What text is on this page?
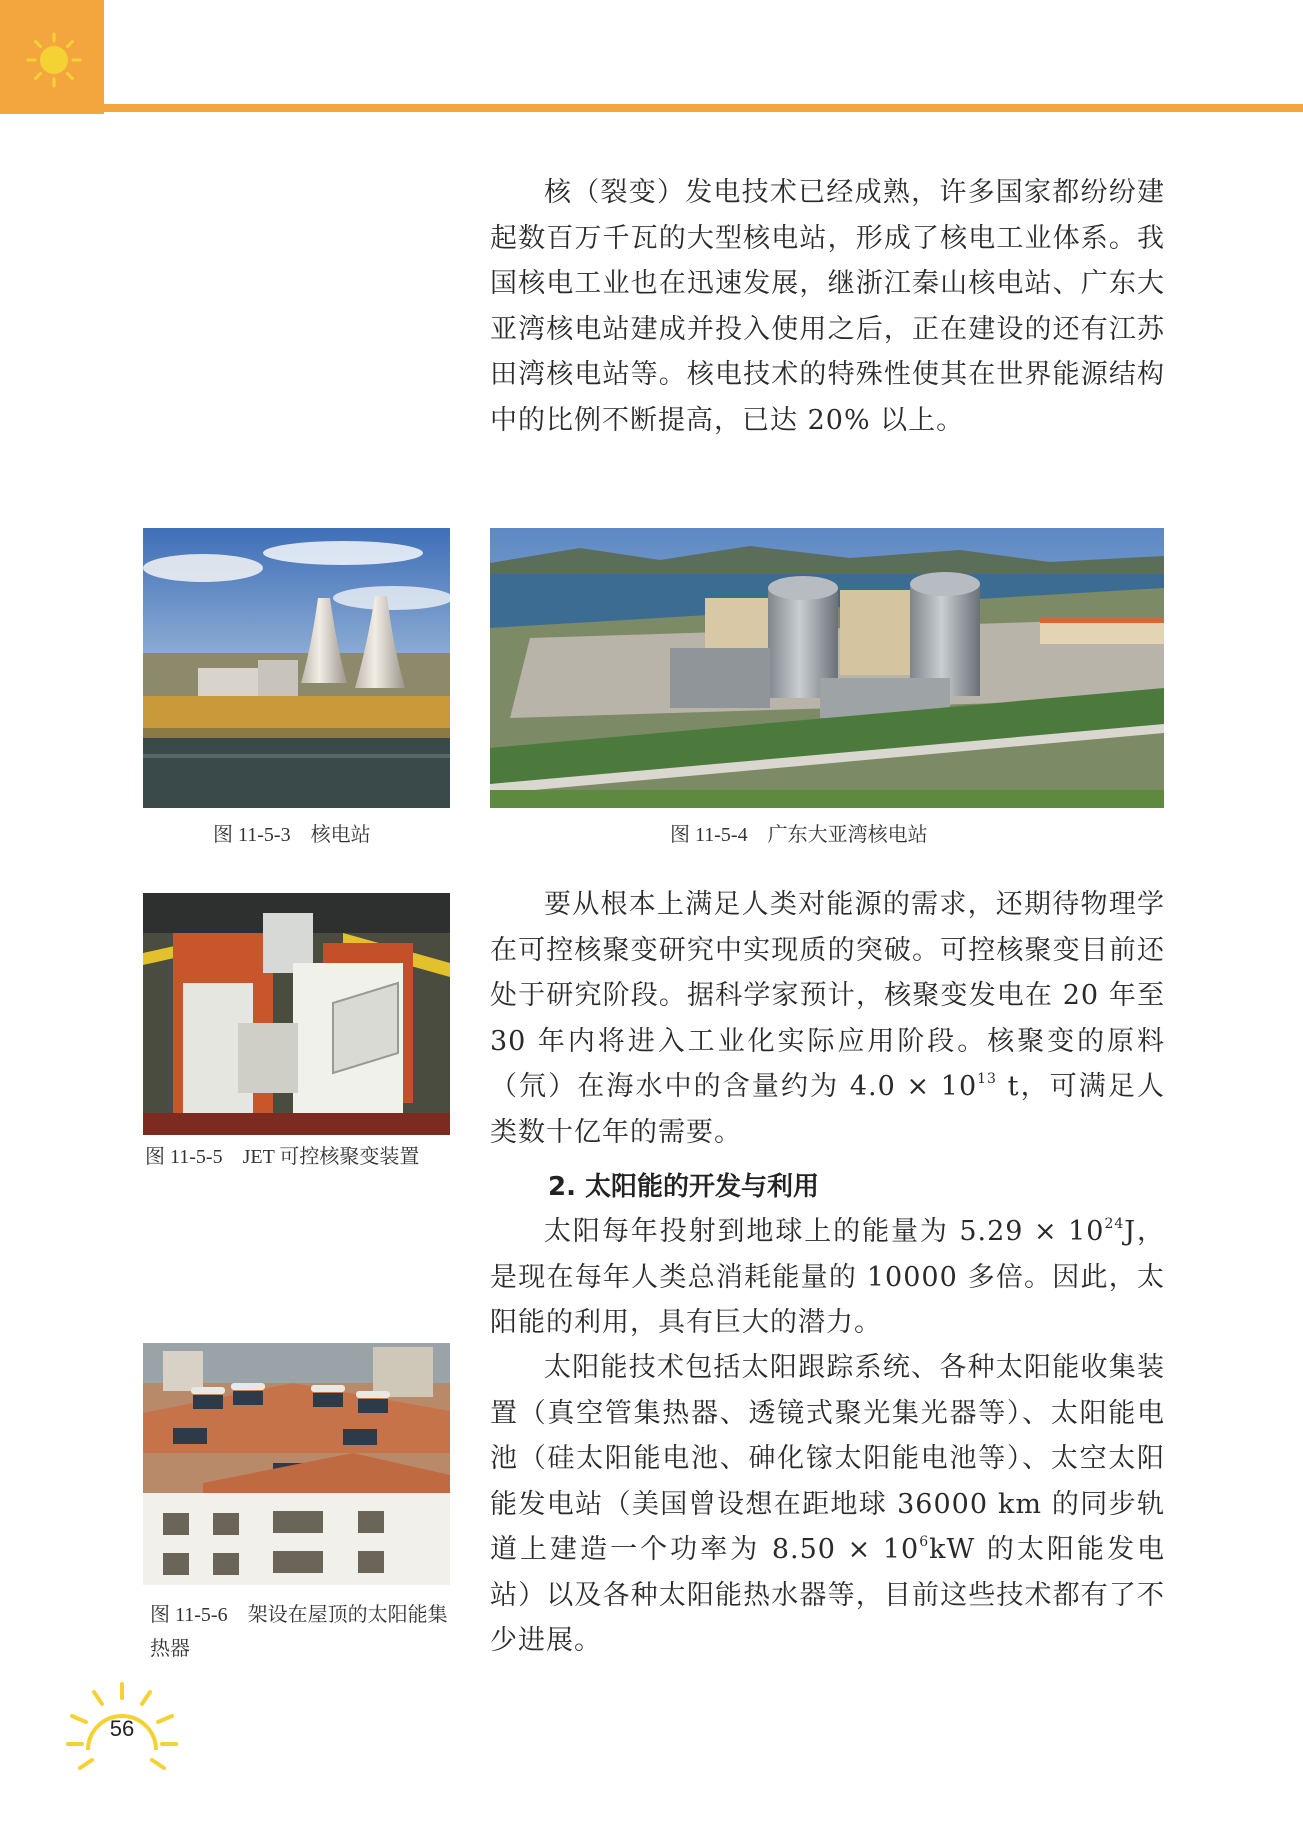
核（裂变）发电技术已经成熟，许多国家都纷纷建起数百万千瓦的大型核电站，形成了核电工业体系。我国核电工业也在迅速发展，继浙江秦山核电站、广东大亚湾核电站建成并投入使用之后，正在建设的还有江苏田湾核电站等。核电技术的特殊性使其在世界能源结构中的比例不断提高，已达 20% 以上。

图 11-5-3　核电站	图 11-5-4　广东大亚湾核电站
图 11-5-5　JET 可控核聚变装置

要从根本上满足人类对能源的需求，还期待物理学在可控核聚变研究中实现质的突破。可控核聚变目前还处于研究阶段。据科学家预计，核聚变发电在 20 年至 30 年内将进入工业化实际应用阶段。核聚变的原料（氘）在海水中的含量约为 $4.0 \times 10^{13}$ t，可满足人类数十亿年的需要。

2. 太阳能的开发与利用

太阳每年投射到地球上的能量为 $5.29 \times 10^{24}J$，是现在每年人类总消耗能量的 10000 多倍。因此，太阳能的利用，具有巨大的潜力。

太阳能技术包括太阳跟踪系统、各种太阳能收集装置（真空管集热器、透镜式聚光集光器等）、太阳能电池（硅太阳能电池、砷化镓太阳能电池等）、太空太阳能发电站（美国曾设想在距地球 36000 km 的同步轨道上建造一个功率为 $8.50 \times 10^6kW$ 的太阳能发电站）以及各种太阳能热水器等，目前这些技术都有了不少进展。

图 11-5-6　架设在屋顶的太阳能集热器
56
